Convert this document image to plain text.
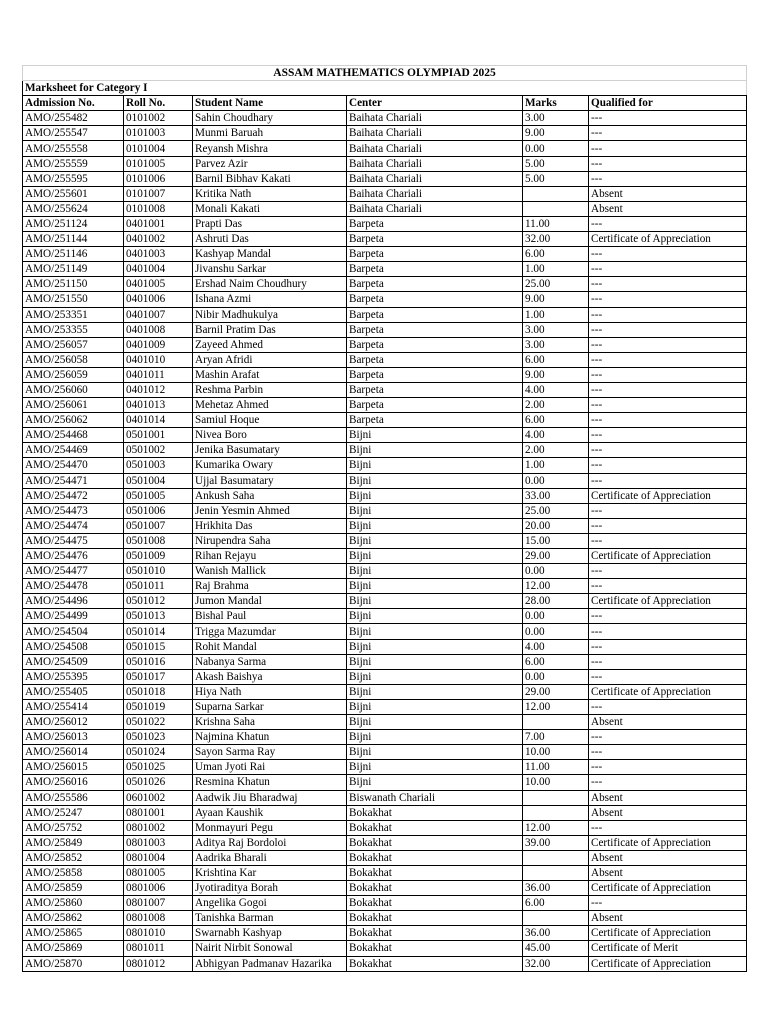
ASSAM MATHEMATICS OLYMPIAD 2025					
Marksheet for Category I					
Admission No.	Roll No.	Student Name	Center	Marks	Qualified for
AMO/255482	0101002	Sahin Choudhary	Baihata Chariali	3.00	---
AMO/255547	0101003	Munmi Baruah	Baihata Chariali	9.00	---
AMO/255558	0101004	Reyansh Mishra	Baihata Chariali	0.00	---
AMO/255559	0101005	Parvez Azir	Baihata Chariali	5.00	---
AMO/255595	0101006	Barnil Bibhav Kakati	Baihata Chariali	5.00	---
AMO/255601	0101007	Kritika Nath	Baihata Chariali		Absent
AMO/255624	0101008	Monali Kakati	Baihata Chariali		Absent
AMO/251124	0401001	Prapti Das	Barpeta	11.00	---
AMO/251144	0401002	Ashruti Das	Barpeta	32.00	Certificate of Appreciation
AMO/251146	0401003	Kashyap Mandal	Barpeta	6.00	---
AMO/251149	0401004	Jivanshu Sarkar	Barpeta	1.00	---
AMO/251150	0401005	Ershad Naim Choudhury	Barpeta	25.00	---
AMO/251550	0401006	Ishana Azmi	Barpeta	9.00	---
AMO/253351	0401007	Nibir Madhukulya	Barpeta	1.00	---
AMO/253355	0401008	Barnil Pratim Das	Barpeta	3.00	---
AMO/256057	0401009	Zayeed Ahmed	Barpeta	3.00	---
AMO/256058	0401010	Aryan Afridi	Barpeta	6.00	---
AMO/256059	0401011	Mashin Arafat	Barpeta	9.00	---
AMO/256060	0401012	Reshma Parbin	Barpeta	4.00	---
AMO/256061	0401013	Mehetaz Ahmed	Barpeta	2.00	---
AMO/256062	0401014	Samiul Hoque	Barpeta	6.00	---
AMO/254468	0501001	Nivea Boro	Bijni	4.00	---
AMO/254469	0501002	Jenika Basumatary	Bijni	2.00	---
AMO/254470	0501003	Kumarika Owary	Bijni	1.00	---
AMO/254471	0501004	Ujjal Basumatary	Bijni	0.00	---
AMO/254472	0501005	Ankush Saha	Bijni	33.00	Certificate of Appreciation
AMO/254473	0501006	Jenin Yesmin Ahmed	Bijni	25.00	---
AMO/254474	0501007	Hrikhita Das	Bijni	20.00	---
AMO/254475	0501008	Nirupendra Saha	Bijni	15.00	---
AMO/254476	0501009	Rihan Rejayu	Bijni	29.00	Certificate of Appreciation
AMO/254477	0501010	Wanish Mallick	Bijni	0.00	---
AMO/254478	0501011	Raj Brahma	Bijni	12.00	---
AMO/254496	0501012	Jumon Mandal	Bijni	28.00	Certificate of Appreciation
AMO/254499	0501013	Bishal Paul	Bijni	0.00	---
AMO/254504	0501014	Trigga Mazumdar	Bijni	0.00	---
AMO/254508	0501015	Rohit Mandal	Bijni	4.00	---
AMO/254509	0501016	Nabanya Sarma	Bijni	6.00	---
AMO/255395	0501017	Akash Baishya	Bijni	0.00	---
AMO/255405	0501018	Hiya Nath	Bijni	29.00	Certificate of Appreciation
AMO/255414	0501019	Suparna Sarkar	Bijni	12.00	---
AMO/256012	0501022	Krishna Saha	Bijni		Absent
AMO/256013	0501023	Najmina Khatun	Bijni	7.00	---
AMO/256014	0501024	Sayon Sarma Ray	Bijni	10.00	---
AMO/256015	0501025	Uman Jyoti Rai	Bijni	11.00	---
AMO/256016	0501026	Resmina Khatun	Bijni	10.00	---
AMO/255586	0601002	Aadwik Jiu Bharadwaj	Biswanath Chariali		Absent
AMO/25247	0801001	Ayaan Kaushik	Bokakhat		Absent
AMO/25752	0801002	Monmayuri Pegu	Bokakhat	12.00	---
AMO/25849	0801003	Aditya Raj Bordoloi	Bokakhat	39.00	Certificate of Appreciation
AMO/25852	0801004	Aadrika Bharali	Bokakhat		Absent
AMO/25858	0801005	Krishtina Kar	Bokakhat		Absent
AMO/25859	0801006	Jyotiraditya Borah	Bokakhat	36.00	Certificate of Appreciation
AMO/25860	0801007	Angelika Gogoi	Bokakhat	6.00	---
AMO/25862	0801008	Tanishka Barman	Bokakhat		Absent
AMO/25865	0801010	Swarnabh Kashyap	Bokakhat	36.00	Certificate of Appreciation
AMO/25869	0801011	Nairit Nirbit Sonowal	Bokakhat	45.00	Certificate of Merit
AMO/25870	0801012	Abhigyan Padmanav Hazarika	Bokakhat	32.00	Certificate of Appreciation
